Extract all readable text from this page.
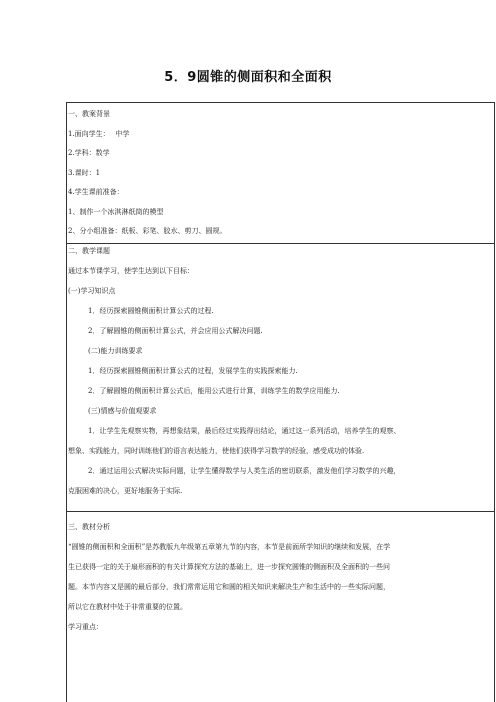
5．9圆锥的侧面积和全面积
一、教案背景
1.面向学生：　 中学
2.学科：数学
3.课时：1
4.学生课前准备：
1、制作一个冰淇淋纸筒的模型
2、分小组准备：纸板、彩笔、胶水、剪刀、圆规。
二、教学课题
通过本节课学习，使学生达到以下目标：
(一)学习知识点
1．经历探索圆锥侧面积计算公式的过程.
2．了解圆锥的侧面积计算公式，并会应用公式解决问题.
(二)能力训练要求
1．经历探索圆锥侧面积计算公式的过程，发展学生的实践探索能力.
2．了解圆锥的侧面积计算公式后，能用公式进行计算，训练学生的数学应用能力.
(三)情感与价值观要求
1．让学生先观察实物，再想象结果，最后经过实践得出结论，通过这一系列活动，培养学生的观察、
想象、实践能力，同时训练他们的语言表达能力，使他们获得学习数学的经验，感受成功的体验.
2．通过运用公式解决实际问题，让学生懂得数学与人类生活的密切联系，激发他们学习数学的兴趣，
克服困难的决心，更好地服务于实际.
三、教材分析
“圆锥的侧面积和全面积”是苏教版九年级第五章第九节的内容，本节是前面所学知识的继续和发展，在学
生已获得一定的关于扇形面积的有关计算探究方法的基础上，进一步探究圆锥的侧面积及全面积的一些问
题。本节内容又是圆的最后部分，我们常常运用它和圆的相关知识来解决生产和生活中的一些实际问题，
所以它在教材中处于非常重要的位置。
学习重点：
